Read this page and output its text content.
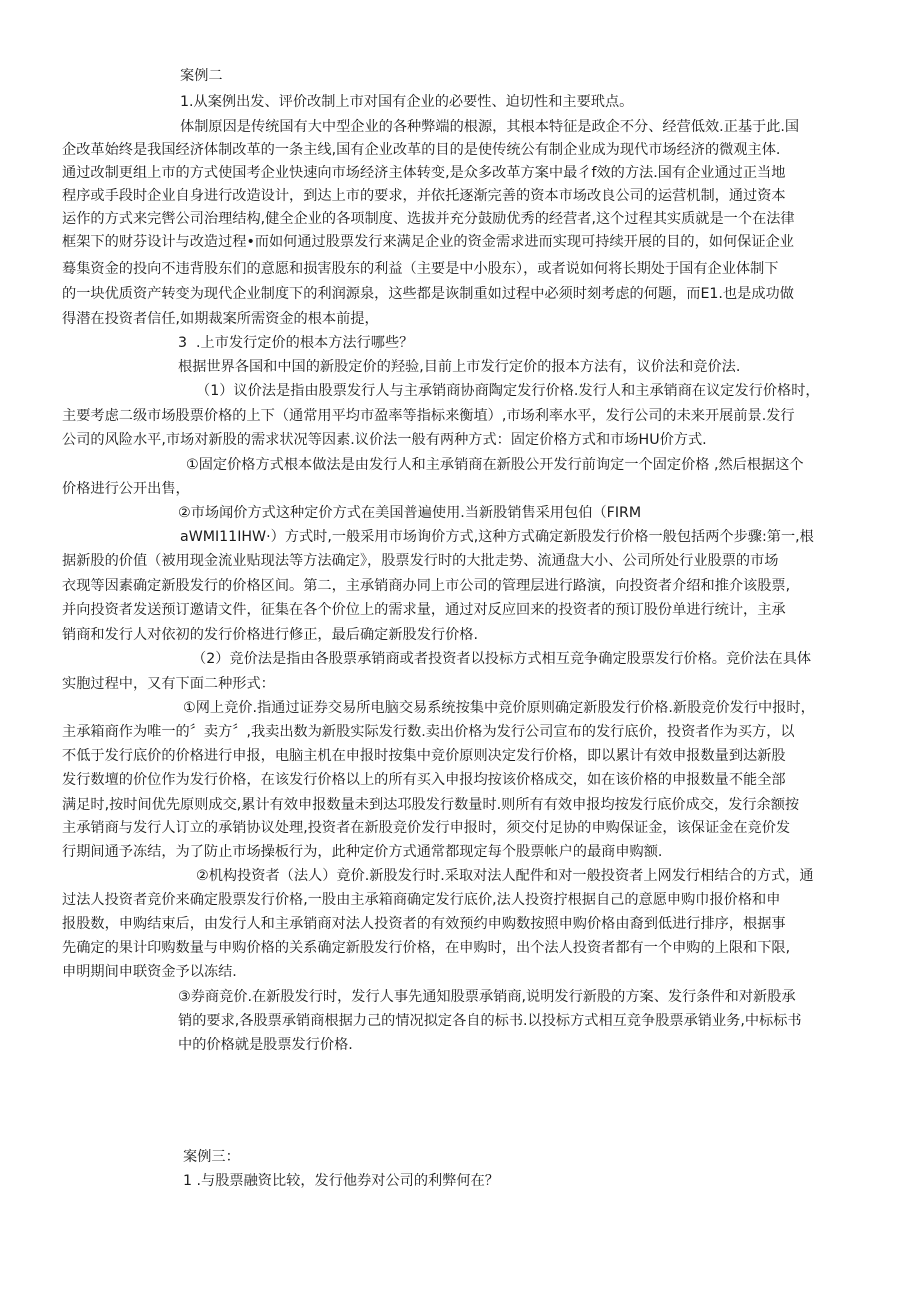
案例二
1.从案例出发、评价改制上市对国有企业的必要性、迫切性和主要玳点。
体制原因是传统国有大中型企业的各种弊端的根源，其根本特征是政企不分、经营低效.正基于此.国
企改革始终是我国经济体制改革的一条主线,国有企业改革的目的是使传统公有制企业成为现代市场经济的微观主体.
通过改制更组上市的方式使国考企业快速向市场经济主体转变,是众多改革方案中最彳f效的方法.国有企业通过正当地
程序或手段时企业自身进行改造设计，到达上市的要求，并依托逐渐完善的资本市场改良公司的运营机制，通过资本
运作的方式来完辔公司治理结构,健全企业的各项制度、选拔并充分鼓励优秀的经营者,这个过程其实质就是一个在法律
框架下的财芬设计与改造过程•而如何通过股票发行来满足企业的资金需求进而实现可持续开展的目的，如何保证企业
蓦集资金的投向不违背股东们的意愿和损害股东的利益（主要是中小股东），或者说如何将长期处于国有企业体制下
的一块优质资产转变为现代企业制度下的利润源泉，这些都是诙制重如过程中必须时刻考虑的何题，而E1.也是成功做
得潜在投资者信任,如期裁案所需资金的根本前提，
3  .上市发行定价的根本方法行哪些？
根据世界各国和中国的新股定价的羟验,目前上市发行定价的报本方法有，议价法和竞价法.
（1）议价法是指由股票发行人与主承销商协商陶定发行价格.发行人和主承销商在议定发行价格时，
主要考虑二级市场股票价格的上下（通常用平均市盈率等指标来衡埴）,市场利率水平，发行公司的未来开展前景.发行
公司的风险水平,市场对新股的需求状况等因素.议价法一般有两种方式：固定价格方式和市场HU价方式.
①固定价格方式根本做法是由发行人和主承销商在新股公开发行前询定一个固定价格 ,然后根据这个
价格进行公开出售，
②市场闻价方式这种定价方式在美国普遍使用.当新股销售采用包伯（FIRM
aWMI11IHW·）方式时,一般采用市场询价方式,这种方式确定新股发行价格一般包括两个步骤:第一,根
据新股的价值（被用现金流业贴现法等方法确定》，股票发行时的大批走势、流通盘大小、公司所处行业股票的市场
衣现等因素确定新股发行的价格区间。第二，主承销商办同上市公司的管理层进行路演，向投资者介绍和推介该股票,
并向投资者发送预订邀请文件，征集在各个价位上的需求量，通过对反应回来的投资者的预订股份单进行统计，主承
销商和发行人对依初的发行价格进行修正，最后确定新股发行价格.
（2）竞价法是指由各股票承销商或者投资者以投标方式相互竞争确定股票发行价格。竞价法在具体
实胞过程中，又有下面二种形式：
①网上竞价.指通过证券交易所电脑交易系统按集中竞价原则确定新股发行价格.新股竞价发行中报时，
主承箱商作为唯一的〞卖方〞,我卖出数为新股实际发行数.卖出价格为发行公司宣布的发行底价，投资者作为买方，以
不低于发行底价的价格进行申报，电脑主机在申报时按集中竞价原则决定发行价格，即以累计有效申报数量到达新股
发行数壇的价位作为发行价格，在该发行价格以上的所有买入申报均按该价格成交，如在该价格的申报数量不能全部
满足时,按时间优先原则成交,累计有效申报数量未到达邛股发行数量时.则所有有效申报均按发行底价成交，发行余额按
主承销商与发行人订立的承销协议处理,投资者在新股竞价发行申报时，须交付足协的申购保证金，该保证金在竞价发
行期间通予冻结，为了防止市场操板行为，此种定价方式通常都现定每个股票帐户的最商申购额.
②机构投资者（法人）竟价.新股发行时.采取对法人配件和对一般投资者上网发行相结合的方式，通
过法人投资者竞价来确定股票发行价格,一股由主承箱商确定发行底价,法人投资拧根据自己的意愿申购巾报价格和申
报股数，申购结束后，由发行人和主承销商对法人投资者的有效预约申购数按照申购价格由裔到低进行排序，根据事
先确定的果计印购数量与申购价格的关系确定新股发行价格，在申购时，出个法人投资者都有一个申购的上限和下限,
申明期间申联资金予以冻结.
③券商竞价.在新股发行时，发行人事先通知股票承销商,说明发行新股的方案、发行条件和对新股承
销的要求,各股票承销商根据力己的情况拟定各自的标书.以投标方式相互竞争股票承销业务,中标标书
中的价格就是股票发行价格.
案例三：
1 .与股票融资比较，发行他券对公司的利弊何在？
